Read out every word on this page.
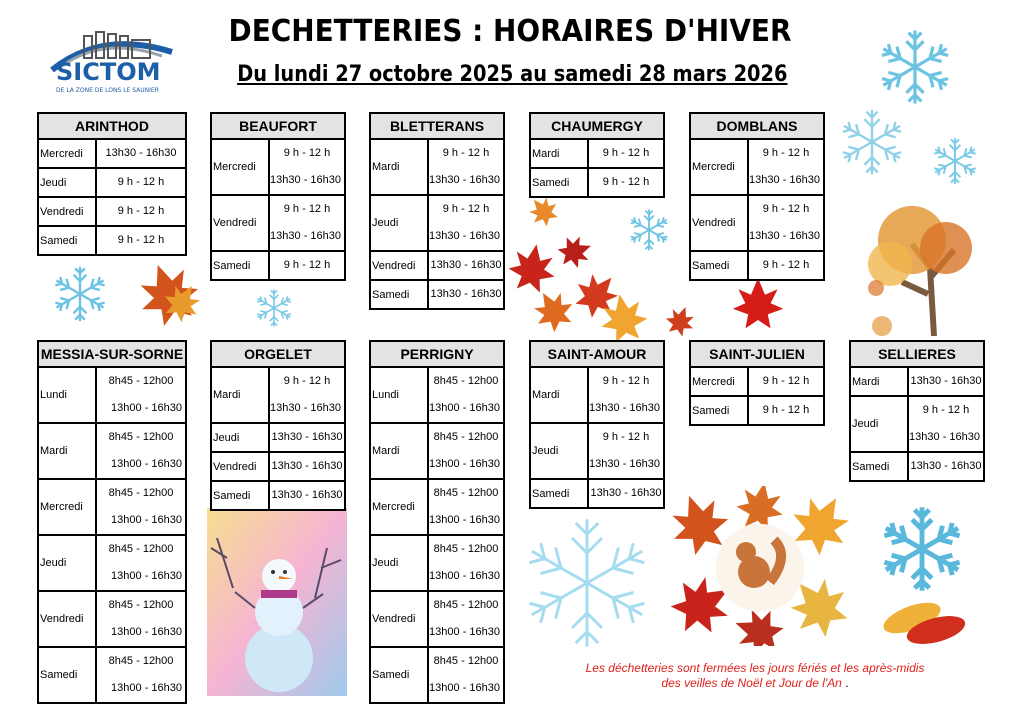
SICTOM
DE LA ZONE DE LONS LE SAUNIER
DECHETTERIES : HORAIRES D'HIVER
Du lundi 27 octobre 2025 au samedi 28 mars 2026
ARINTHOD
Mercredi	13h30 - 16h30
Jeudi	9 h - 12 h
Vendredi	9 h - 12 h
Samedi	9 h - 12 h
BEAUFORT
Mercredi
9 h - 12 h
13h30 - 16h30
Vendredi
9 h - 12 h
13h30 - 16h30
Samedi	9 h - 12 h
BLETTERANS
Mardi
9 h - 12 h
13h30 - 16h30
Jeudi
9 h - 12 h
13h30 - 16h30
Vendredi	13h30 - 16h30
Samedi	13h30 - 16h30
CHAUMERGY
Mardi	9 h - 12 h
Samedi	9 h - 12 h
DOMBLANS
Mercredi
9 h - 12 h
13h30 - 16h30
Vendredi
9 h - 12 h
13h30 - 16h30
Samedi	9 h - 12 h
MESSIA-SUR-SORNE
Lundi
8h45 - 12h00
13h00 - 16h30
Mardi
8h45 - 12h00
13h00 - 16h30
Mercredi
8h45 - 12h00
13h00 - 16h30
Jeudi
8h45 - 12h00
13h00 - 16h30
Vendredi
8h45 - 12h00
13h00 - 16h30
Samedi
8h45 - 12h00
13h00 - 16h30
ORGELET
Mardi
9 h - 12 h
13h30 - 16h30
Jeudi	13h30 - 16h30
Vendredi	13h30 - 16h30
Samedi	13h30 - 16h30
PERRIGNY
Lundi
8h45 - 12h00
13h00 - 16h30
Mardi
8h45 - 12h00
13h00 - 16h30
Mercredi
8h45 - 12h00
13h00 - 16h30
Jeudi
8h45 - 12h00
13h00 - 16h30
Vendredi
8h45 - 12h00
13h00 - 16h30
Samedi
8h45 - 12h00
13h00 - 16h30
SAINT-AMOUR
Mardi
9 h - 12 h
13h30 - 16h30
Jeudi
9 h - 12 h
13h30 - 16h30
Samedi	13h30 - 16h30
SAINT-JULIEN
Mercredi	9 h - 12 h
Samedi	9 h - 12 h
SELLIERES
Mardi	13h30 - 16h30
Jeudi
9 h - 12 h
13h30 - 16h30
Samedi	13h30 - 16h30
Les déchetteries sont fermées les jours fériés et les après-midis
des veilles de Noël et Jour de l'An .
